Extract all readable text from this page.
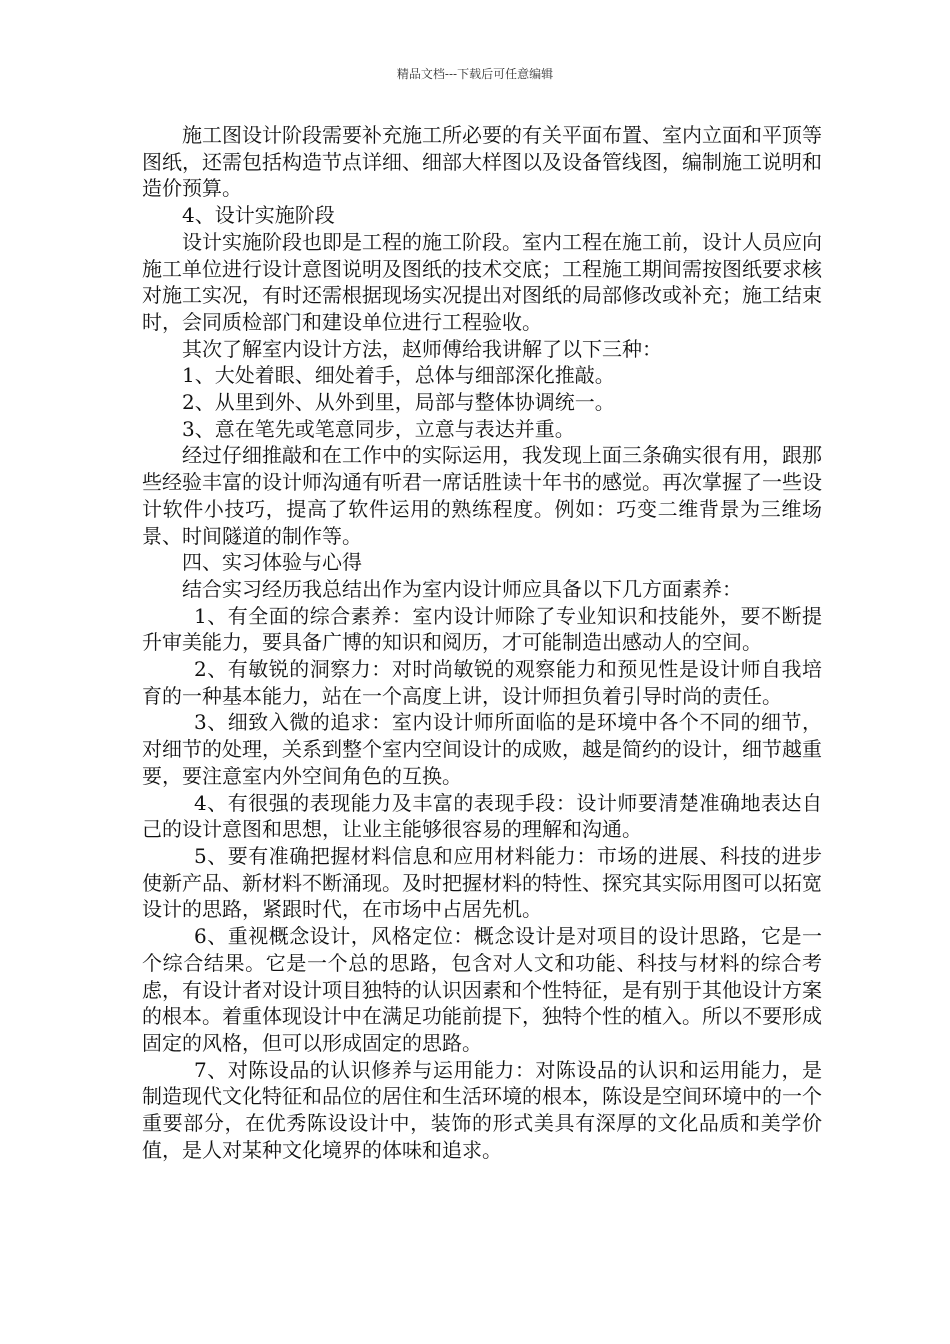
精品文档---下载后可任意编辑

施工图设计阶段需要补充施工所必要的有关平面布置、室内立面和平顶等图纸，还需包括构造节点详细、细部大样图以及设备管线图，编制施工说明和造价预算。

4、设计实施阶段

设计实施阶段也即是工程的施工阶段。室内工程在施工前，设计人员应向施工单位进行设计意图说明及图纸的技术交底；工程施工期间需按图纸要求核对施工实况，有时还需根据现场实况提出对图纸的局部修改或补充；施工结束时，会同质检部门和建设单位进行工程验收。

其次了解室内设计方法，赵师傅给我讲解了以下三种：

1、大处着眼、细处着手，总体与细部深化推敲。

2、从里到外、从外到里，局部与整体协调统一。

3、意在笔先或笔意同步，立意与表达并重。

经过仔细推敲和在工作中的实际运用，我发现上面三条确实很有用，跟那些经验丰富的设计师沟通有听君一席话胜读十年书的感觉。再次掌握了一些设计软件小技巧，提高了软件运用的熟练程度。例如：巧变二维背景为三维场景、时间隧道的制作等。

四、实习体验与心得

结合实习经历我总结出作为室内设计师应具备以下几方面素养：

1、有全面的综合素养：室内设计师除了专业知识和技能外，要不断提升审美能力，要具备广博的知识和阅历，才可能制造出感动人的空间。

2、有敏锐的洞察力：对时尚敏锐的观察能力和预见性是设计师自我培育的一种基本能力，站在一个高度上讲，设计师担负着引导时尚的责任。

3、细致入微的追求：室内设计师所面临的是环境中各个不同的细节，对细节的处理，关系到整个室内空间设计的成败，越是简约的设计，细节越重要，要注意室内外空间角色的互换。

4、有很强的表现能力及丰富的表现手段：设计师要清楚准确地表达自己的设计意图和思想，让业主能够很容易的理解和沟通。

5、要有准确把握材料信息和应用材料能力：市场的进展、科技的进步使新产品、新材料不断涌现。及时把握材料的特性、探究其实际用图可以拓宽设计的思路，紧跟时代，在市场中占居先机。

6、重视概念设计，风格定位：概念设计是对项目的设计思路，它是一个综合结果。它是一个总的思路，包含对人文和功能、科技与材料的综合考虑，有设计者对设计项目独特的认识因素和个性特征，是有别于其他设计方案的根本。着重体现设计中在满足功能前提下，独特个性的植入。所以不要形成固定的风格，但可以形成固定的思路。

7、对陈设品的认识修养与运用能力：对陈设品的认识和运用能力，是制造现代文化特征和品位的居住和生活环境的根本，陈设是空间环境中的一个重要部分，在优秀陈设设计中，装饰的形式美具有深厚的文化品质和美学价值，是人对某种文化境界的体味和追求。
